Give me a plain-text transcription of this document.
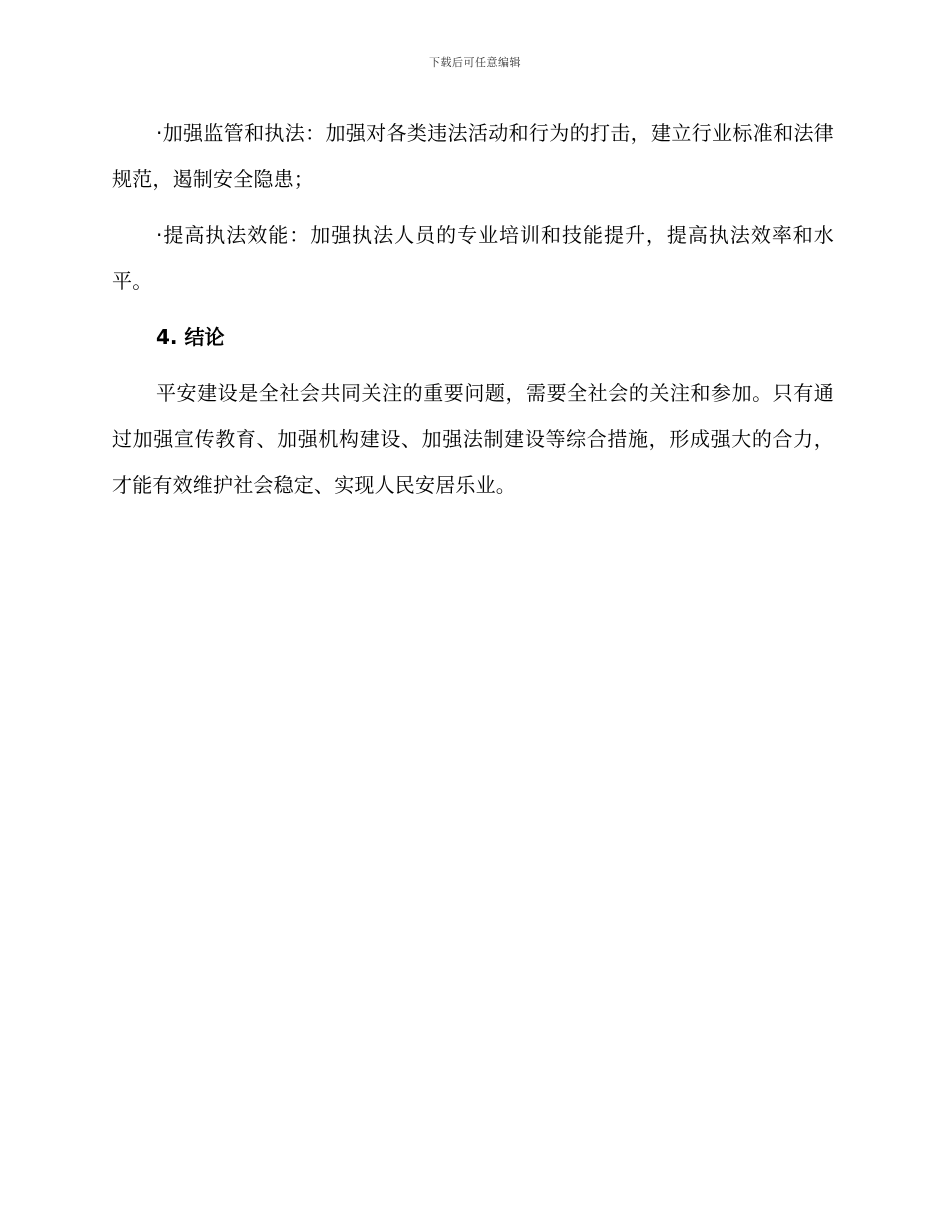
下载后可任意编辑

·加强监管和执法：加强对各类违法活动和行为的打击，建立行业标准和法律规范，遏制安全隐患；

·提高执法效能：加强执法人员的专业培训和技能提升，提高执法效率和水平。

4. 结论

平安建设是全社会共同关注的重要问题，需要全社会的关注和参加。只有通过加强宣传教育、加强机构建设、加强法制建设等综合措施，形成强大的合力，才能有效维护社会稳定、实现人民安居乐业。
